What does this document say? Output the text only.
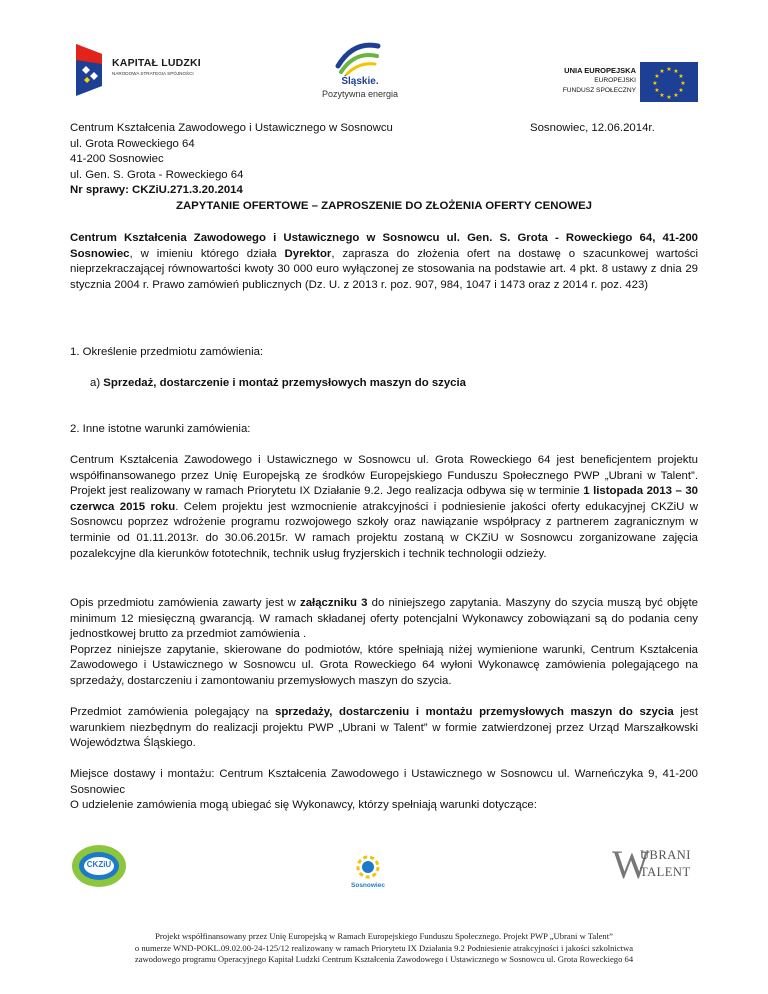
KAPITAŁ LUDZKI
NARODOWA STRATEGIA SPÓJNOŚCI
Śląskie.
Pozytywna energia
UNIA EUROPEJSKA
EUROPEJSKI
FUNDUSZ SPOŁECZNY
★ ★
★
★
★
★
★
★
★
★
★
★
Centrum Kształcenia Zawodowego i Ustawicznego w Sosnowcu
ul. Grota Roweckiego 64
41-200 Sosnowiec
ul. Gen. S. Grota - Roweckiego 64
Nr sprawy: CKZiU.271.3.20.2014
Sosnowiec, 12.06.2014r.
ZAPYTANIE OFERTOWE – ZAPROSZENIE DO ZŁOŻENIA OFERTY CENOWEJ
Centrum Kształcenia Zawodowego i Ustawicznego w Sosnowcu ul. Gen. S. Grota - Roweckiego 64, 41-200 Sosnowiec, w imieniu którego działa Dyrektor, zaprasza do złożenia ofert na dostawę o szacunkowej wartości nieprzekraczającej równowartości kwoty 30 000 euro wyłączonej ze stosowania na podstawie art. 4 pkt. 8 ustawy z dnia 29 stycznia 2004 r. Prawo zamówień publicznych (Dz. U. z 2013 r. poz. 907, 984, 1047 i 1473 oraz z 2014 r. poz. 423)
1. Określenie przedmiotu zamówienia:
a) Sprzedaż, dostarczenie i montaż przemysłowych maszyn do szycia
2. Inne istotne warunki zamówienia:
Centrum Kształcenia Zawodowego i Ustawicznego w Sosnowcu ul. Grota Roweckiego 64 jest beneficjentem projektu współfinansowanego przez Unię Europejską ze środków Europejskiego Funduszu Społecznego PWP „Ubrani w Talent”. Projekt jest realizowany w ramach Priorytetu IX Działanie 9.2. Jego realizacja odbywa się w terminie 1 listopada 2013 – 30 czerwca 2015 roku. Celem projektu jest wzmocnienie atrakcyjności i podniesienie jakości oferty edukacyjnej CKZiU w Sosnowcu poprzez wdrożenie programu rozwojowego szkoły oraz nawiązanie współpracy z partnerem zagranicznym w terminie od 01.11.2013r. do 30.06.2015r. W ramach projektu zostaną w CKZiU w Sosnowcu zorganizowane zajęcia pozalekcyjne dla kierunków fototechnik, technik usług fryzjerskich i technik technologii odzieży.
Opis przedmiotu zamówienia zawarty jest w załączniku 3 do niniejszego zapytania. Maszyny do szycia muszą być objęte minimum 12 miesięczną gwarancją. W ramach składanej oferty potencjalni Wykonawcy zobowiązani są do podania ceny jednostkowej brutto za przedmiot zamówienia .
Poprzez niniejsze zapytanie, skierowane do podmiotów, które spełniają niżej wymienione warunki, Centrum Kształcenia Zawodowego i Ustawicznego w Sosnowcu ul. Grota Roweckiego 64 wyłoni Wykonawcę zamówienia polegającego na sprzedaży, dostarczeniu i zamontowaniu przemysłowych maszyn do szycia.
Przedmiot zamówienia polegający na sprzedaży, dostarczeniu i montażu przemysłowych maszyn do szycia jest warunkiem niezbędnym do realizacji projektu PWP „Ubrani w Talent” w formie zatwierdzonej przez Urząd Marszałkowski Województwa Śląskiego.
Miejsce dostawy i montażu: Centrum Kształcenia Zawodowego i Ustawicznego w Sosnowcu ul. Warneńczyka 9, 41-200 Sosnowiec
O udzielenie zamówienia mogą ubiegać się Wykonawcy, którzy spełniają warunki dotyczące:
CKZiU
Sosnowiec	W
UBRANI
TALENT
Projekt współfinansowany przez Unię Europejską w Ramach Europejskiego Funduszu Społecznego. Projekt PWP „Ubrani w Talent”
o numerze WND-POKL.09.02.00-24-125/12 realizowany w ramach Priorytetu IX Działania 9.2 Podniesienie atrakcyjności i jakości szkolnictwa
zawodowego programu Operacyjnego Kapitał Ludzki Centrum Kształcenia Zawodowego i Ustawicznego w Sosnowcu ul. Grota Roweckiego 64
